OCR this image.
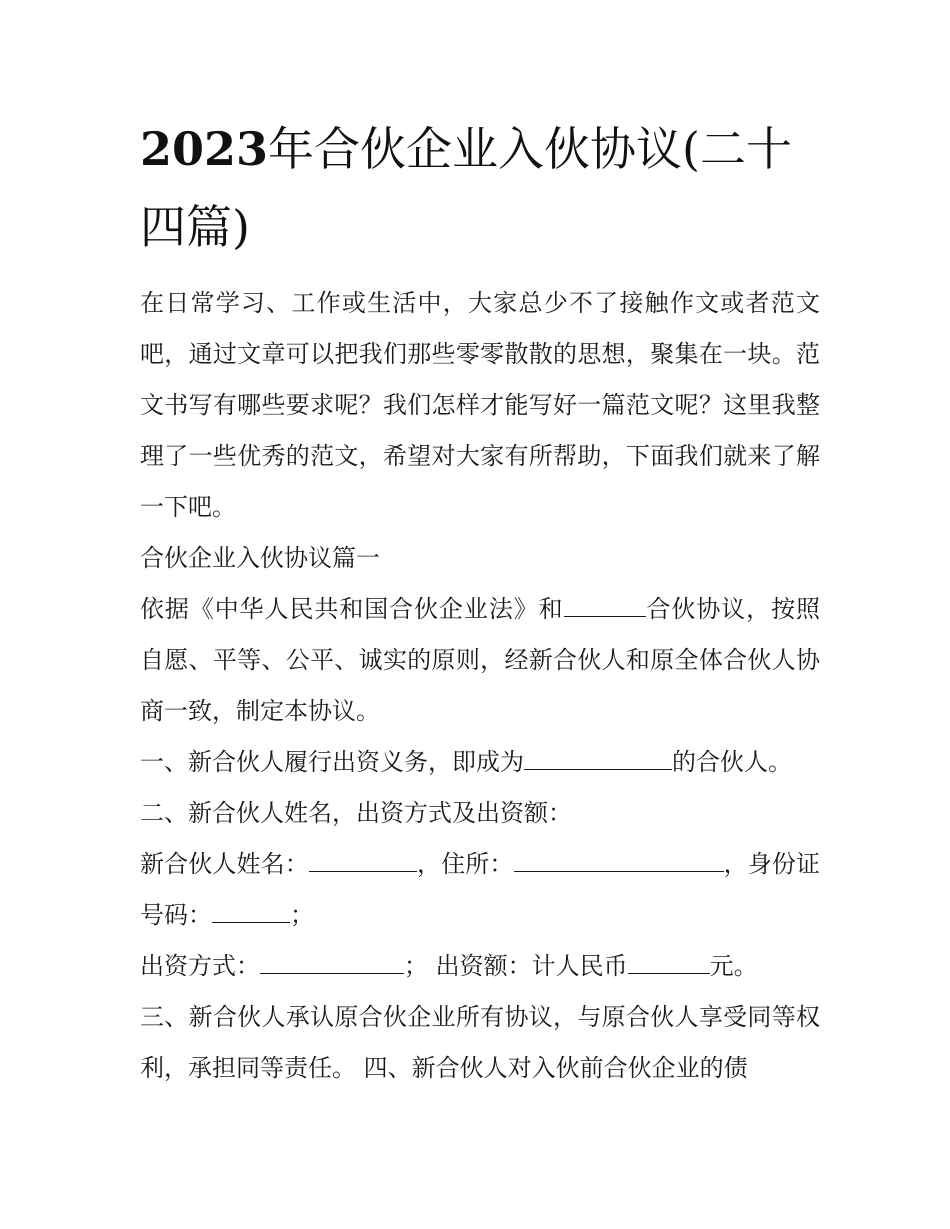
2023年合伙企业入伙协议(二十四篇)

在日常学习、工作或生活中，大家总少不了接触作文或者范文吧，通过文章可以把我们那些零零散散的思想，聚集在一块。范文书写有哪些要求呢？我们怎样才能写好一篇范文呢？这里我整理了一些优秀的范文，希望对大家有所帮助，下面我们就来了解一下吧。

合伙企业入伙协议篇一

依据《中华人民共和国合伙企业法》和	合伙协议，按照自愿、平等、公平、诚实的原则，经新合伙人和原全体合伙人协商一致，制定本协议。

一、新合伙人履行出资义务，即成为	的合伙人。

二、新合伙人姓名，出资方式及出资额：

新合伙人姓名：	，住所：	，身份证号码：	；

出资方式：	； 出资额：计人民币	元。

三、新合伙人承认原合伙企业所有协议，与原合伙人享受同等权利，承担同等责任。 四、新合伙人对入伙前合伙企业的债
